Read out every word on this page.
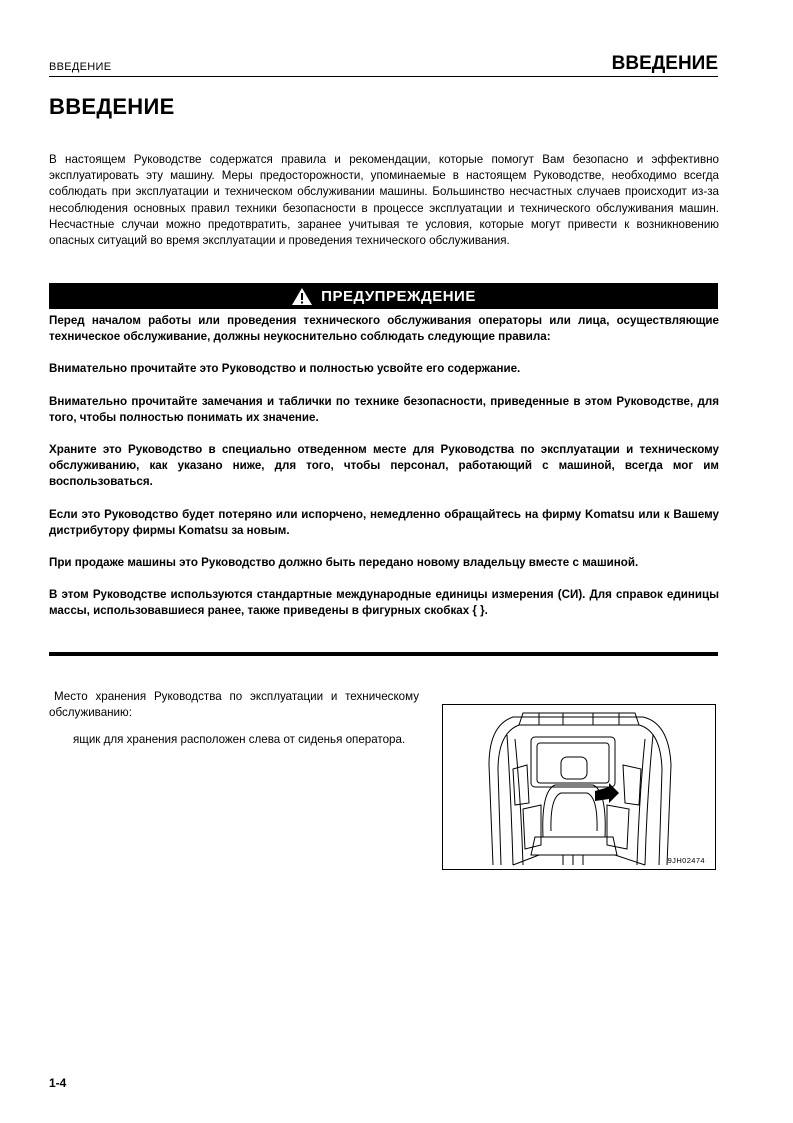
ВВЕДЕНИЕ	ВВЕДЕНИЕ
ВВЕДЕНИЕ

В настоящем Руководстве содержатся правила и рекомендации, которые помогут Вам безопасно и эффективно эксплуатировать эту машину. Меры предосторожности, упоминаемые в настоящем Руководстве, необходимо всегда соблюдать при эксплуатации и техническом обслуживании машины. Большинство несчастных случаев происходит из-за несоблюдения основных правил техники безопасности в процессе эксплуатации и технического обслуживания машин. Несчастные случаи можно предотвратить, заранее учитывая те условия, которые могут привести к возникновению опасных ситуаций во время эксплуатации и проведения технического обслуживания.

ПРЕДУПРЕЖДЕНИЕ

Перед началом работы или проведения технического обслуживания операторы или лица, осуществляющие техническое обслуживание, должны неукоснительно соблюдать следующие правила:

Внимательно прочитайте это Руководство и полностью усвойте его содержание.

Внимательно прочитайте замечания и таблички по технике безопасности, приведенные в этом Руководстве, для того, чтобы полностью понимать их значение.

Храните это Руководство в специально отведенном месте для Руководства по эксплуатации и техническому обслуживанию, как указано ниже, для того, чтобы персонал, работающий с машиной, всегда мог им воспользоваться.

Если это Руководство будет потеряно или испорчено, немедленно обращайтесь на фирму Komatsu или к Вашему дистрибутору фирмы Komatsu за новым.

При продаже машины это Руководство должно быть передано новому владельцу вместе с машиной.

В этом Руководстве используются стандартные международные единицы измерения (СИ). Для справок единицы массы, использовавшиеся ранее, также приведены в фигурных скобках { }.

Место хранения Руководства по эксплуатации и техническому обслуживанию:

ящик для хранения расположен слева от сиденья оператора.

9JH02474
1-4
